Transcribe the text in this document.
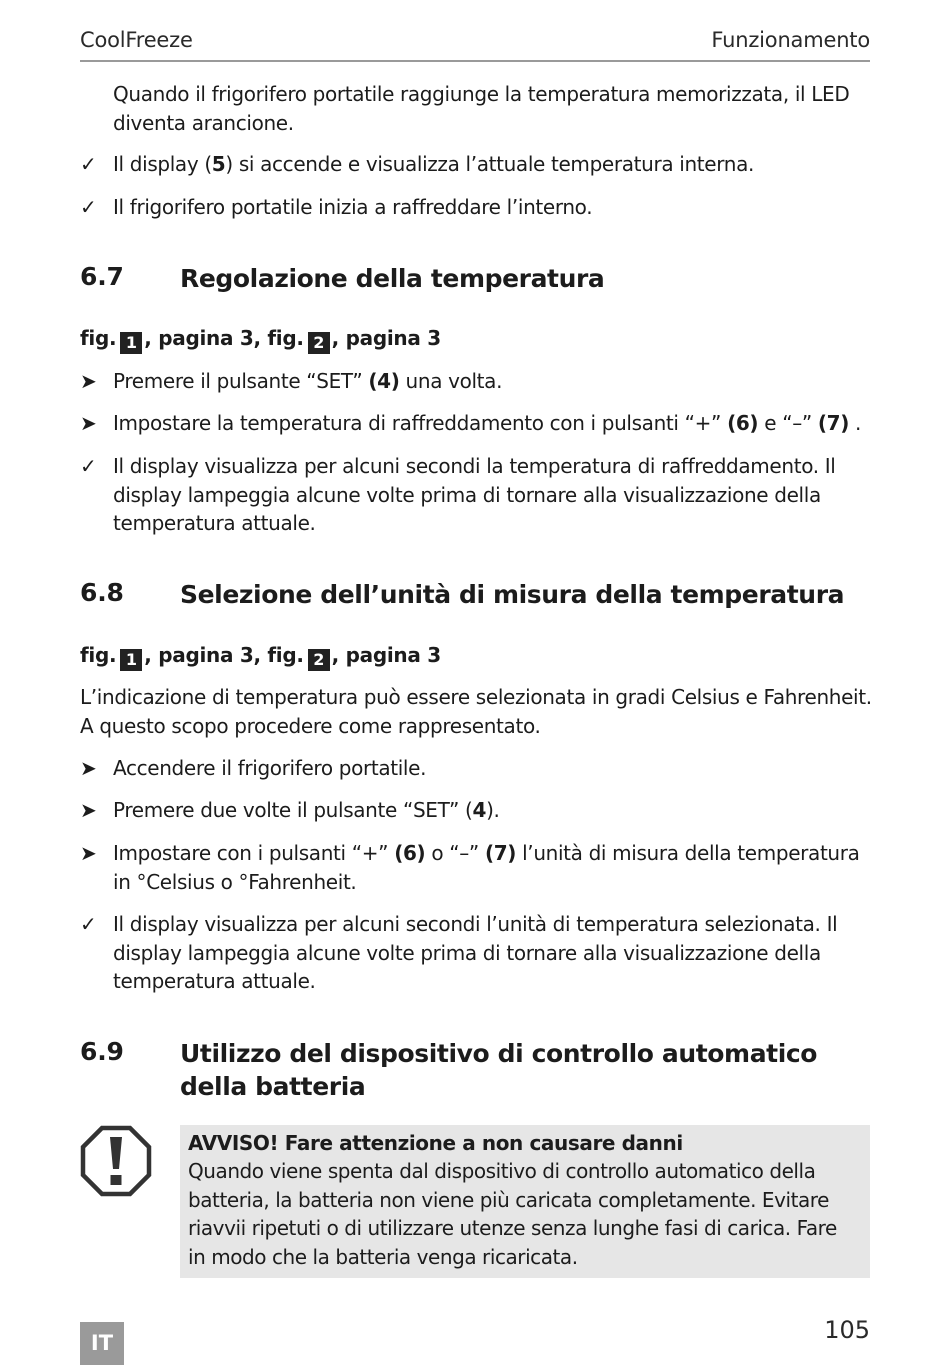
CoolFreeze	Funzionamento
Quando il frigorifero portatile raggiunge la temperatura memorizzata, il LED diventa arancione.
✓ Il display (5) si accende e visualizza l’attuale temperatura interna.
✓ Il frigorifero portatile inizia a raffreddare l’interno.
6.7 Regolazione della temperatura
fig. 1 , pagina 3, fig. 2 , pagina 3
➤ Premere il pulsante “SET” (4) una volta.
➤ Impostare la temperatura di raffreddamento con i pulsanti “+” (6) e “–” (7) .
✓ Il display visualizza per alcuni secondi la temperatura di raffreddamento. Il display lampeggia alcune volte prima di tornare alla visualizzazione della temperatura attuale.
6.8 Selezione dell’unità di misura della temperatura
fig. 1 , pagina 3, fig. 2 , pagina 3
L’indicazione di temperatura può essere selezionata in gradi Celsius e Fahrenheit. A questo scopo procedere come rappresentato.
➤ Accendere il frigorifero portatile.
➤ Premere due volte il pulsante “SET” (4).
➤ Impostare con i pulsanti “+” (6) o “–” (7) l’unità di misura della temperatura in °Celsius o °Fahrenheit.
✓ Il display visualizza per alcuni secondi l’unità di temperatura selezionata. Il display lampeggia alcune volte prima di tornare alla visualizzazione della temperatura attuale.
6.9 Utilizzo del dispositivo di controllo automatico della batteria
AVVISO! Fare attenzione a non causare danni
Quando viene spenta dal dispositivo di controllo automatico della batteria, la batteria non viene più caricata completamente. Evitare riavvii ripetuti o di utilizzare utenze senza lunghe fasi di carica. Fare in modo che la batteria venga ricaricata.
105
IT
